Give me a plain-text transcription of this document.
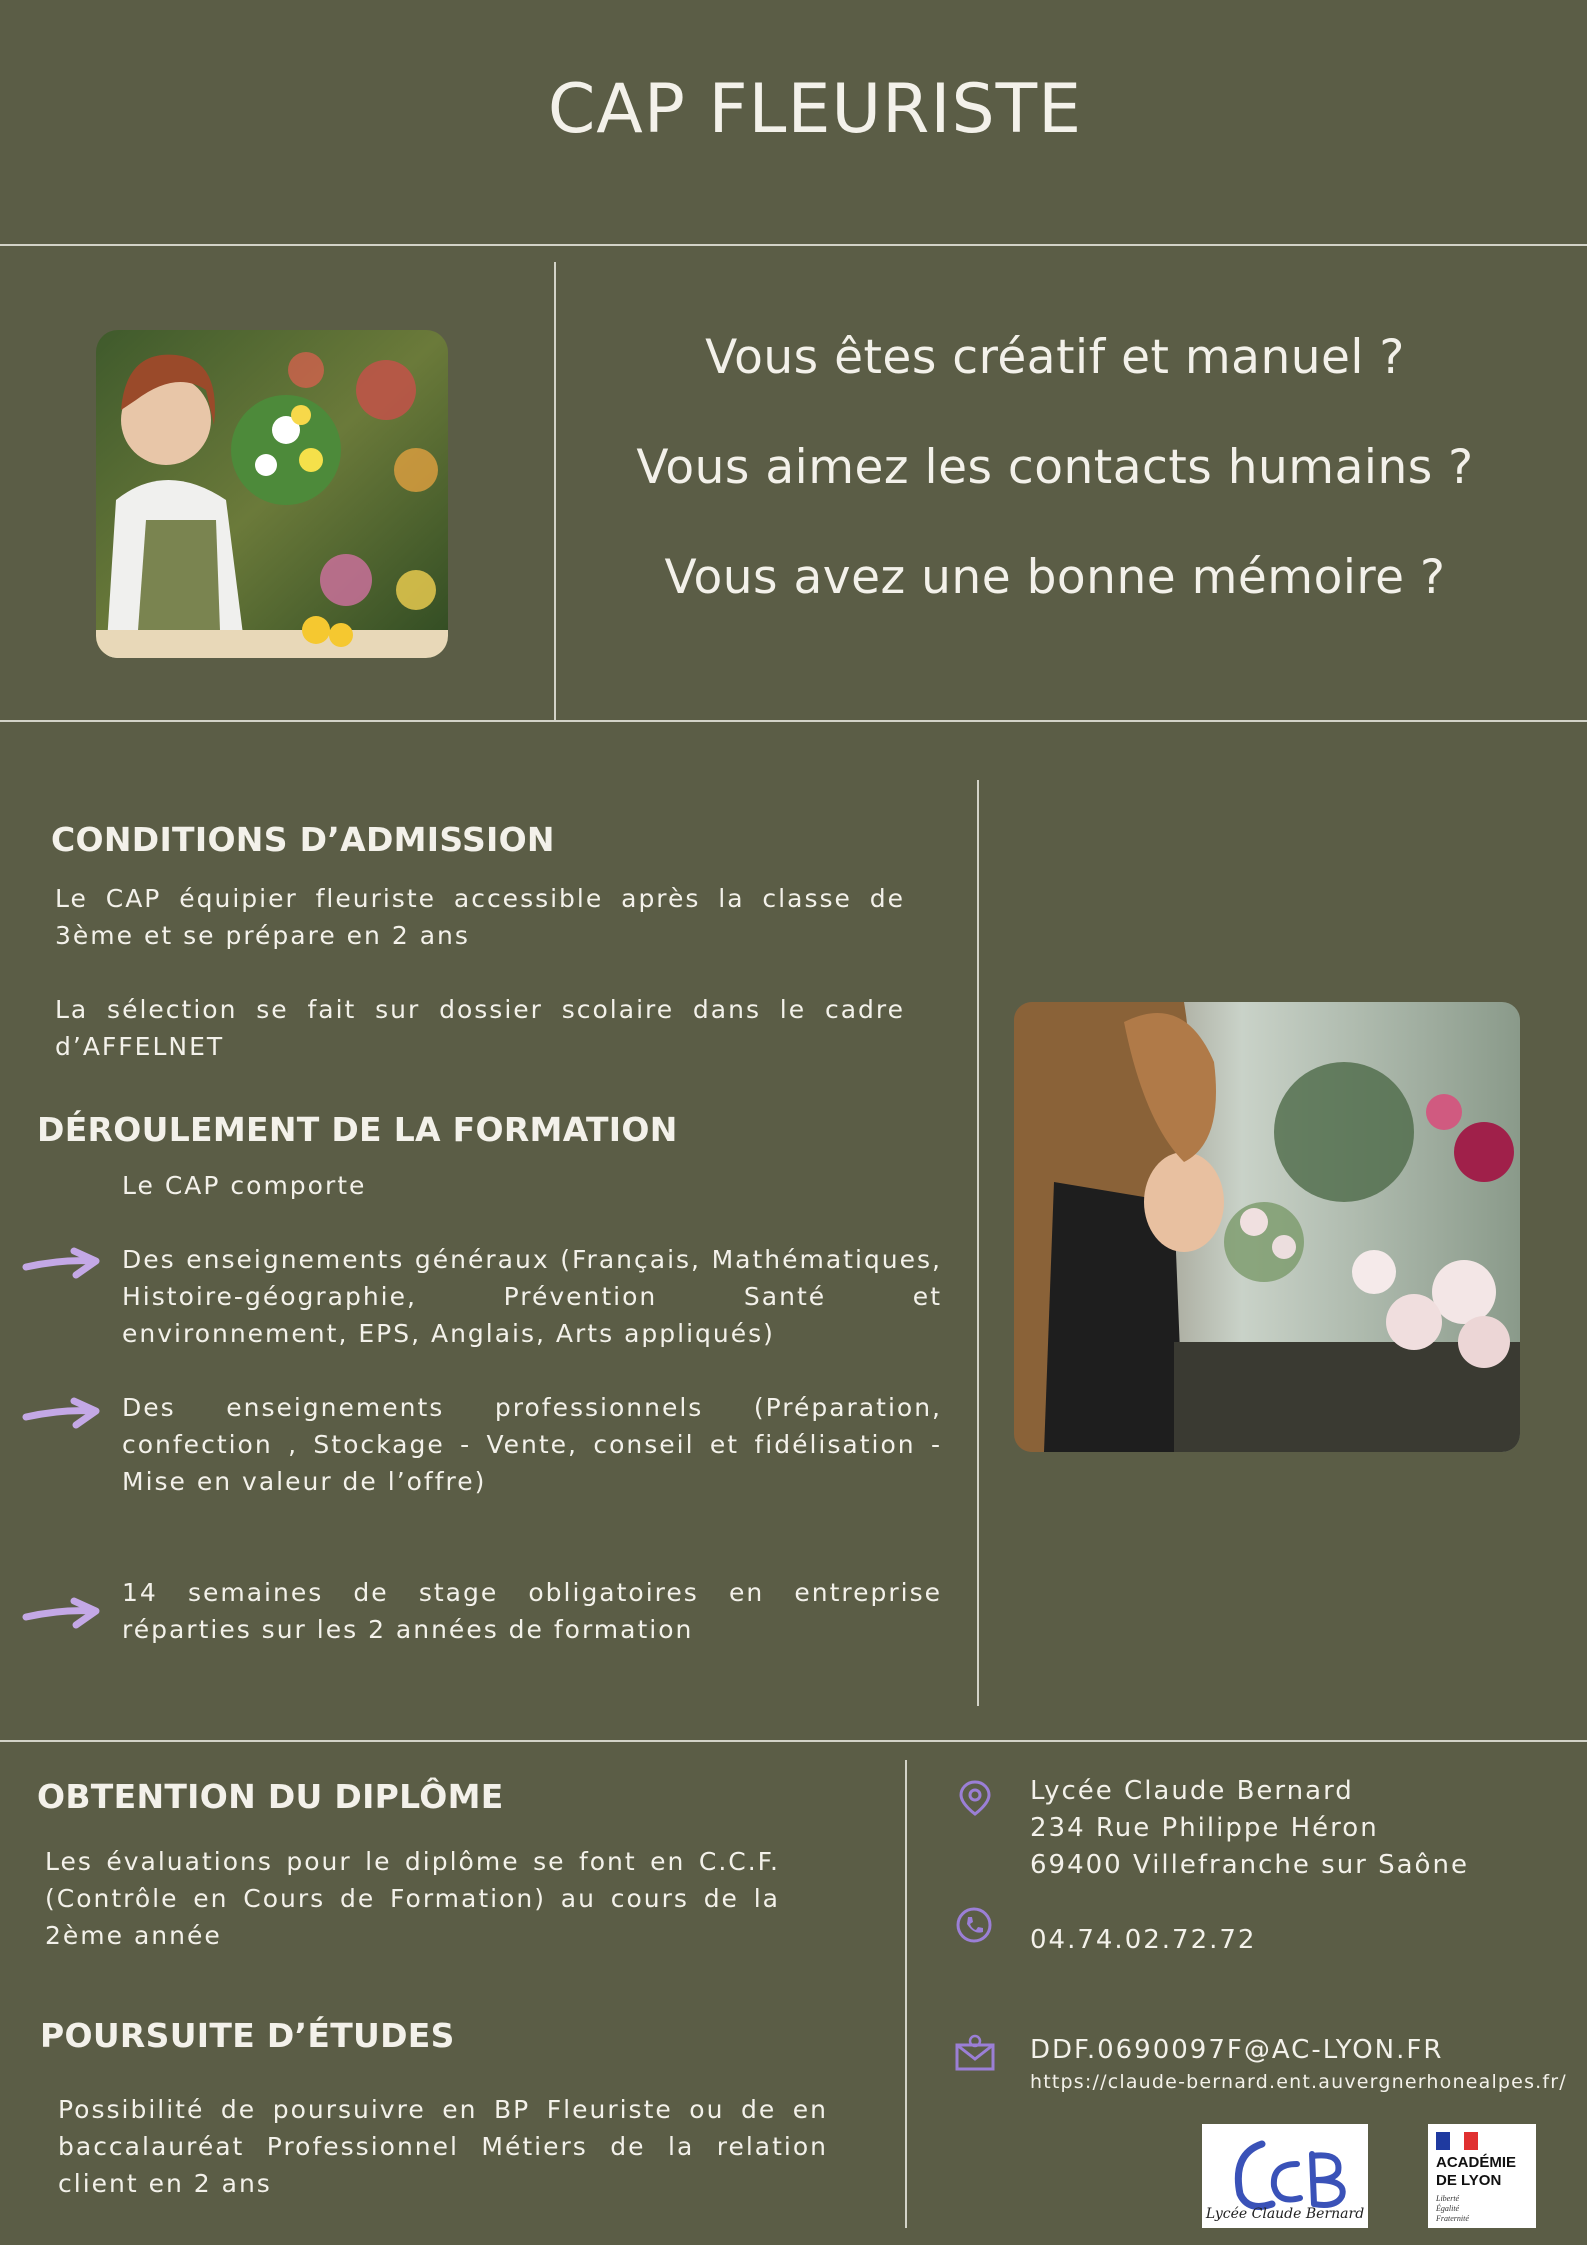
CAP FLEURISTE
Vous êtes créatif et manuel ?
Vous aimez les contacts humains ?
Vous avez une bonne mémoire ?
CONDITIONS D’ADMISSION
Le CAP équipier fleuriste accessible après la classe de 3ème et se prépare en 2 ans
La sélection se fait sur dossier scolaire dans le cadre d’AFFELNET
DÉROULEMENT DE LA FORMATION
Le CAP comporte
Des enseignements généraux (Français, Mathématiques, Histoire-géographie, Prévention Santé et environnement, EPS, Anglais, Arts appliqués)
Des enseignements professionnels (Préparation, confection , Stockage - Vente, conseil et fidélisation - Mise en valeur de l’offre)
14 semaines de stage obligatoires en entreprise réparties sur les 2 années de formation
OBTENTION DU DIPLÔME
Les évaluations pour le diplôme se font en C.C.F. (Contrôle en Cours de Formation) au cours de la 2ème année
POURSUITE D’ÉTUDES
Possibilité de poursuivre en BP Fleuriste ou de en baccalauréat Professionnel Métiers de la relation client en 2 ans
Lycée Claude Bernard
234 Rue Philippe Héron
69400 Villefranche sur Saône
04.74.02.72.72
DDF.0690097F@AC-LYON.FR
https://claude-bernard.ent.auvergnerhonealpes.fr/
Lycée Claude Bernard
ACADÉMIE
DE LYON
Liberté
Égalité
Fraternité
